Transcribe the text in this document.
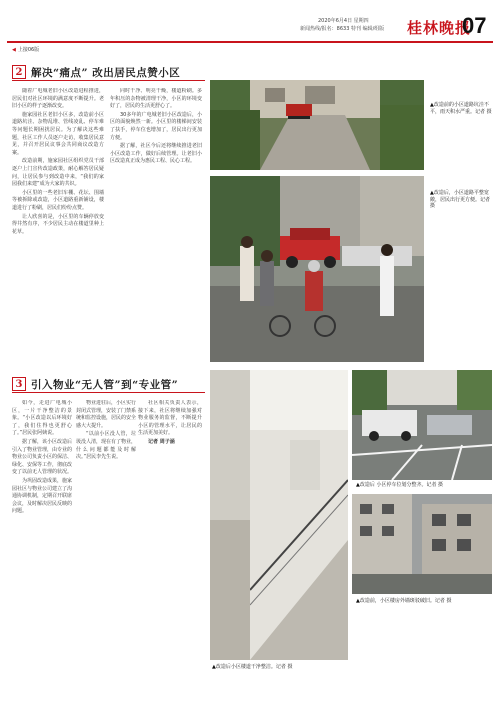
2020年6月4日 星期四
新闻热线/报名：8633 特刊 编辑/组版 桂林晚报
07
◀ 上接06版
2 解决“痛点” 改出居民点赞小区

随着广电城老旧小区改造进程推进，居民们对社区环境的满意度不断提升。老旧小区的样子逐渐改变。

施家园社区老旧小区多，改造前小区道路坑洼、杂物乱堆、管线凌乱、停车难等问题长期困扰居民。为了解决这些难题，社区工作人员逐户走访，收集居民意见，并召开居民议事会共同商议改造方案。

改造前期，施家园社区组织党员干部逐户上门宣传改造政策，耐心解答居民疑问，让居民参与到改造中来，“我们的家园我们来建”成为大家的共识。

小区里的一些老旧车棚、花坛、围墙等被拆除或改造，小区道路重新铺设，楼道进行了粉刷，居民们纷纷点赞。

让人欣喜的是，小区里的车辆停放变得井然有序，不少居民主动在楼道里种上花草。

同时干净、明亮干燥，楼道粉刷。多年积压的杂物被清理干净，小区的环境变好了，居民的生活更舒心了。

30多年的广电城老旧小区改造后，小区的面貌焕然一新。小区里的楼梯间安装了扶手，停车位也增加了，居民出行更加方便。

据了解，社区今后还将继续推进老旧小区改造工作，做好后续管理。让老旧小区改造真正成为惠民工程、民心工程。

▲改造前的小区道路坑洼不平，雨天积水严重。记者 摄
▲改造后，小区道路平整宽敞，居民出行更方便。记者 摄
3 引入物业“无人管”到“专业管”

如今，走进广电城小区，一片干净整洁的景象。“小区改造以后环境好了，我们住得也更舒心了。”居民张阿姨说。

据了解，该小区改造后引入了物业管理，由专业的物业公司负责小区的保洁、绿化、安保等工作，彻底改变了以前无人管理的状况。

为巩固改造成果，施家园社区与物业公司建立了沟通协调机制，定期召开联席会议，及时解决居民反映的问题。

物业进驻后，小区实行封闭式管理，安装了门禁系统和监控设施，居民的安全感大大提升。

“以前小区没人管，垃圾没人清，现在有了物业，什么问题都能及时解决。”居民李先生说。

社区相关负责人表示，接下来，社区将继续加强对物业服务的监督，不断提升小区的管理水平，让居民的生活更加美好。

记者 周子涵

▲改造后小区楼道干净整洁。记者 摄
▲改造后 小区停车位划分整齐。记者 摄
▲改造前，小区楼房外墙斑驳破旧。记者 摄
